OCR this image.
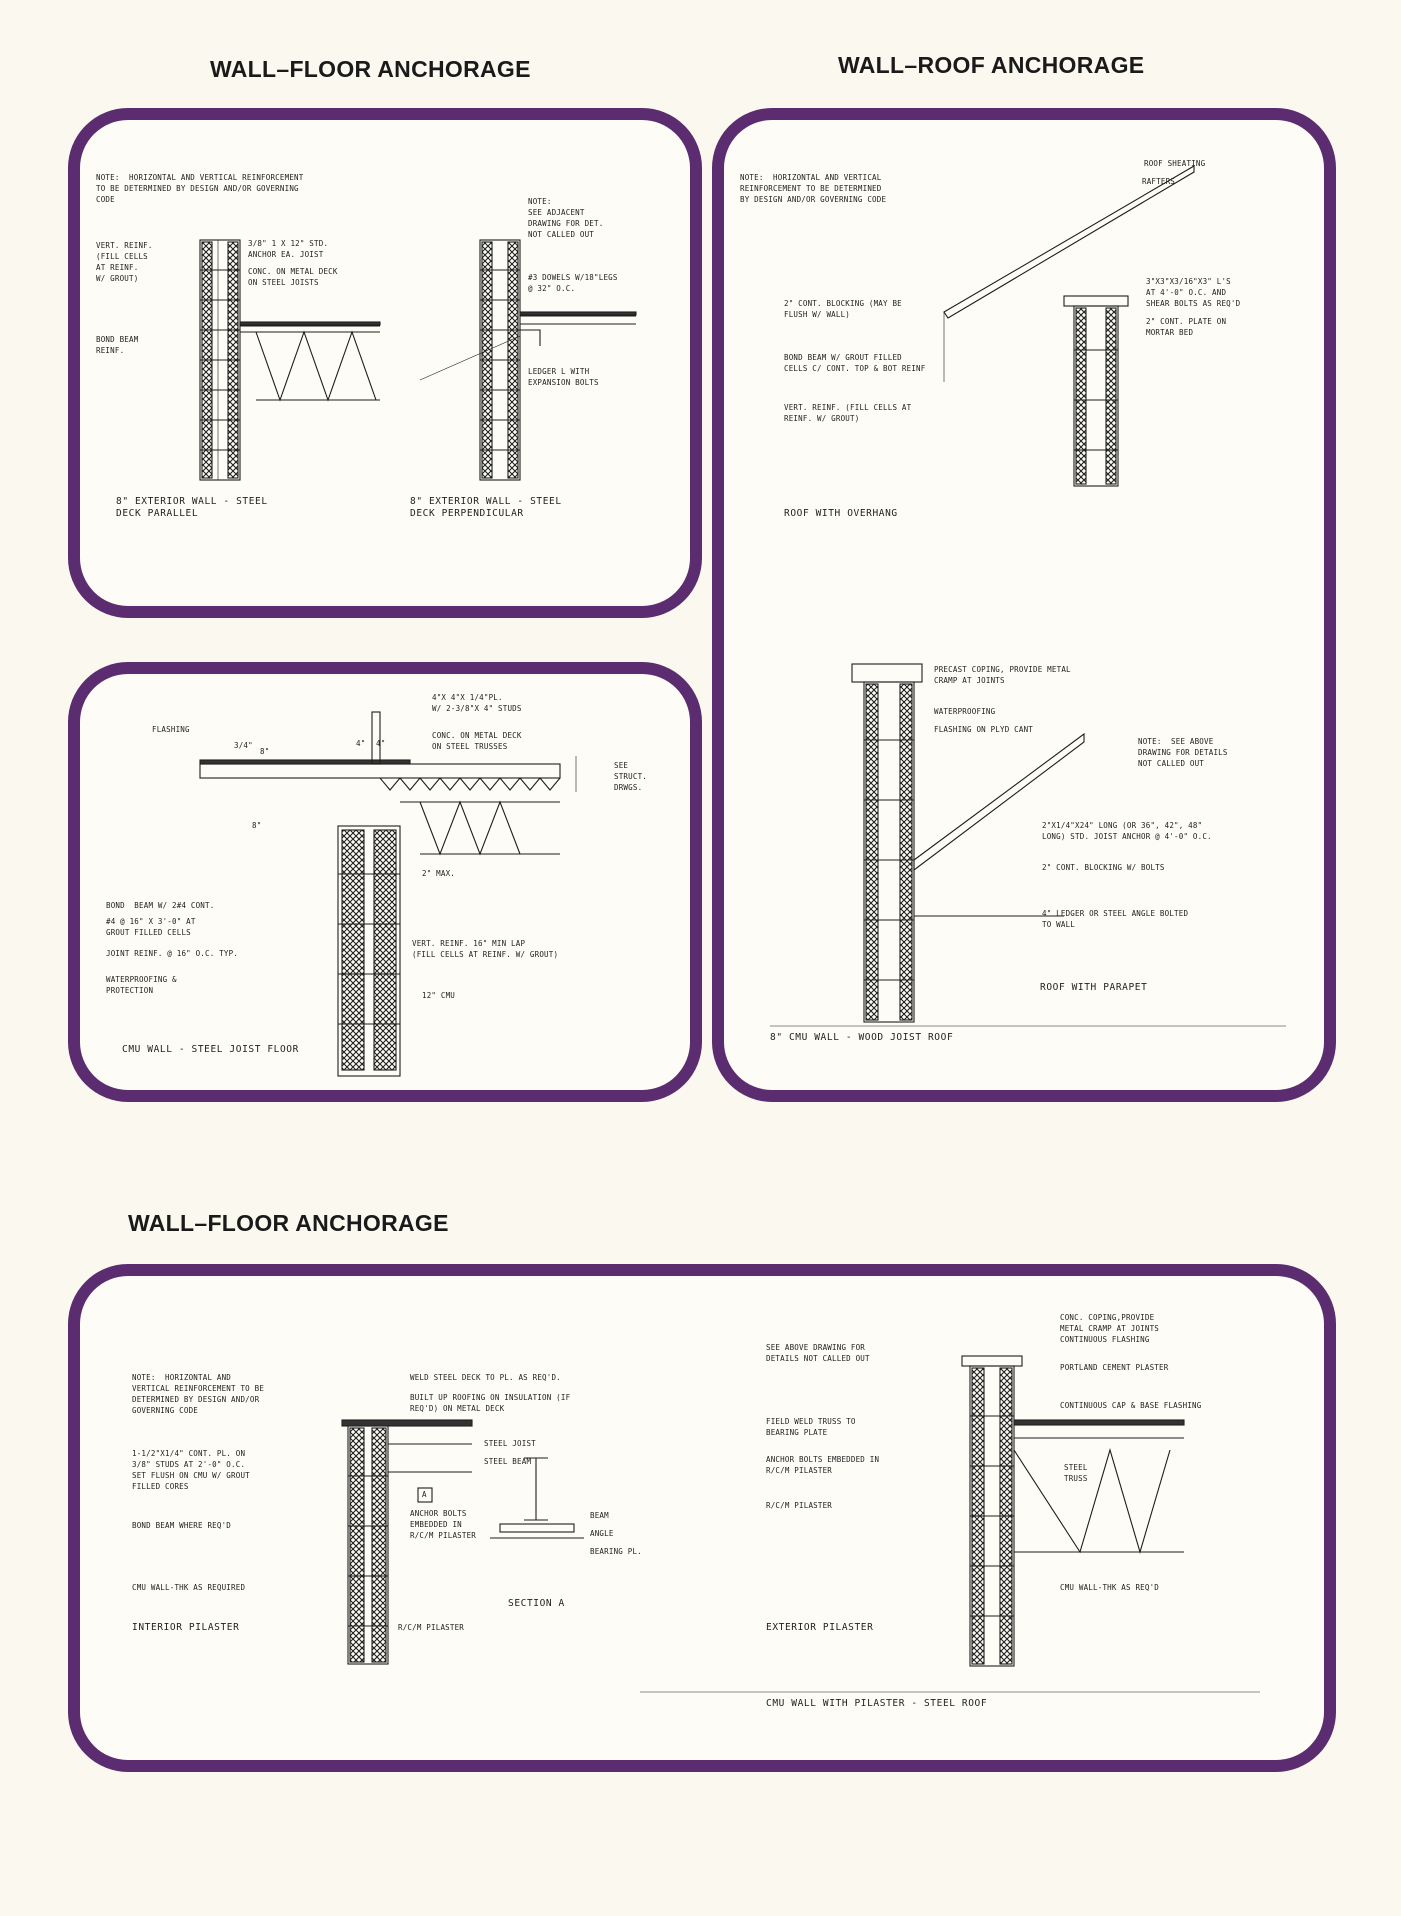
WALL–FLOOR ANCHORAGE	WALL–ROOF ANCHORAGE
WALL–FLOOR ANCHORAGE
NOTE:  HORIZONTAL AND VERTICAL REINFORCEMENT
TO BE DETERMINED BY DESIGN AND/OR GOVERNING
CODE
VERT. REINF.
(FILL CELLS
AT REINF.
W/ GROUT)
3/8" 1 X 12" STD.
ANCHOR EA. JOIST
CONC. ON METAL DECK
ON STEEL JOISTS
BOND BEAM
REINF.
NOTE:
SEE ADJACENT
DRAWING FOR DET.
NOT CALLED OUT
#3 DOWELS W/18"LEGS
@ 32" O.C.
LEDGER L WITH
EXPANSION BOLTS
8" EXTERIOR WALL - STEEL
DECK PARALLEL
8" EXTERIOR WALL - STEEL
DECK PERPENDICULAR
4"X 4"X 1/4"PL.
W/ 2-3/8"X 4" STUDS
FLASHING
3/4"
8"
4" 4"
CONC. ON METAL DECK
ON STEEL TRUSSES
SEE
STRUCT.
DRWGS.
8"
2" MAX.
BOND  BEAM W/ 2#4 CONT.
#4 @ 16" X 3'-0" AT
GROUT FILLED CELLS
JOINT REINF. @ 16" O.C. TYP.
WATERPROOFING &
PROTECTION
VERT. REINF. 16" MIN LAP
(FILL CELLS AT REINF. W/ GROUT)
12" CMU
CMU WALL - STEEL JOIST FLOOR
NOTE:  HORIZONTAL AND VERTICAL
REINFORCEMENT TO BE DETERMINED
BY DESIGN AND/OR GOVERNING CODE
ROOF SHEATING
RAFTERS
3"X3"X3/16"X3" L'S
AT 4'-0" O.C. AND
SHEAR BOLTS AS REQ'D
2" CONT. BLOCKING (MAY BE
FLUSH W/ WALL)
2" CONT. PLATE ON
MORTAR BED
BOND BEAM W/ GROUT FILLED
CELLS C/ CONT. TOP & BOT REINF
VERT. REINF. (FILL CELLS AT
REINF. W/ GROUT)
ROOF WITH OVERHANG
PRECAST COPING, PROVIDE METAL
CRAMP AT JOINTS
WATERPROOFING
FLASHING ON PLYD CANT
NOTE:  SEE ABOVE
DRAWING FOR DETAILS
NOT CALLED OUT
2"X1/4"X24" LONG (OR 36", 42", 48"
LONG) STD. JOIST ANCHOR @ 4'-0" O.C.
2" CONT. BLOCKING W/ BOLTS
4" LEDGER OR STEEL ANGLE BOLTED
TO WALL
ROOF WITH PARAPET
8" CMU WALL - WOOD JOIST ROOF
NOTE:  HORIZONTAL AND
VERTICAL REINFORCEMENT TO BE
DETERMINED BY DESIGN AND/OR
GOVERNING CODE
WELD STEEL DECK TO PL. AS REQ'D.
BUILT UP ROOFING ON INSULATION (IF
REQ'D) ON METAL DECK
STEEL JOIST
STEEL BEAM
1-1/2"X1/4" CONT. PL. ON
3/8" STUDS AT 2'-0" O.C.
SET FLUSH ON CMU W/ GROUT
FILLED CORES
A
ANCHOR BOLTS
EMBEDDED IN
R/C/M PILASTER
BEAM
ANGLE
BEARING PL.
BOND BEAM WHERE REQ'D
CMU WALL-THK AS REQUIRED
SECTION A
INTERIOR PILASTER	R/C/M PILASTER
SEE ABOVE DRAWING FOR
DETAILS NOT CALLED OUT
CONC. COPING,PROVIDE
METAL CRAMP AT JOINTS
CONTINUOUS FLASHING
PORTLAND CEMENT PLASTER
CONTINUOUS CAP & BASE FLASHING
FIELD WELD TRUSS TO
BEARING PLATE
ANCHOR BOLTS EMBEDDED IN
R/C/M PILASTER	STEEL
TRUSS
R/C/M PILASTER
CMU WALL-THK AS REQ'D
EXTERIOR PILASTER
CMU WALL WITH PILASTER - STEEL ROOF
